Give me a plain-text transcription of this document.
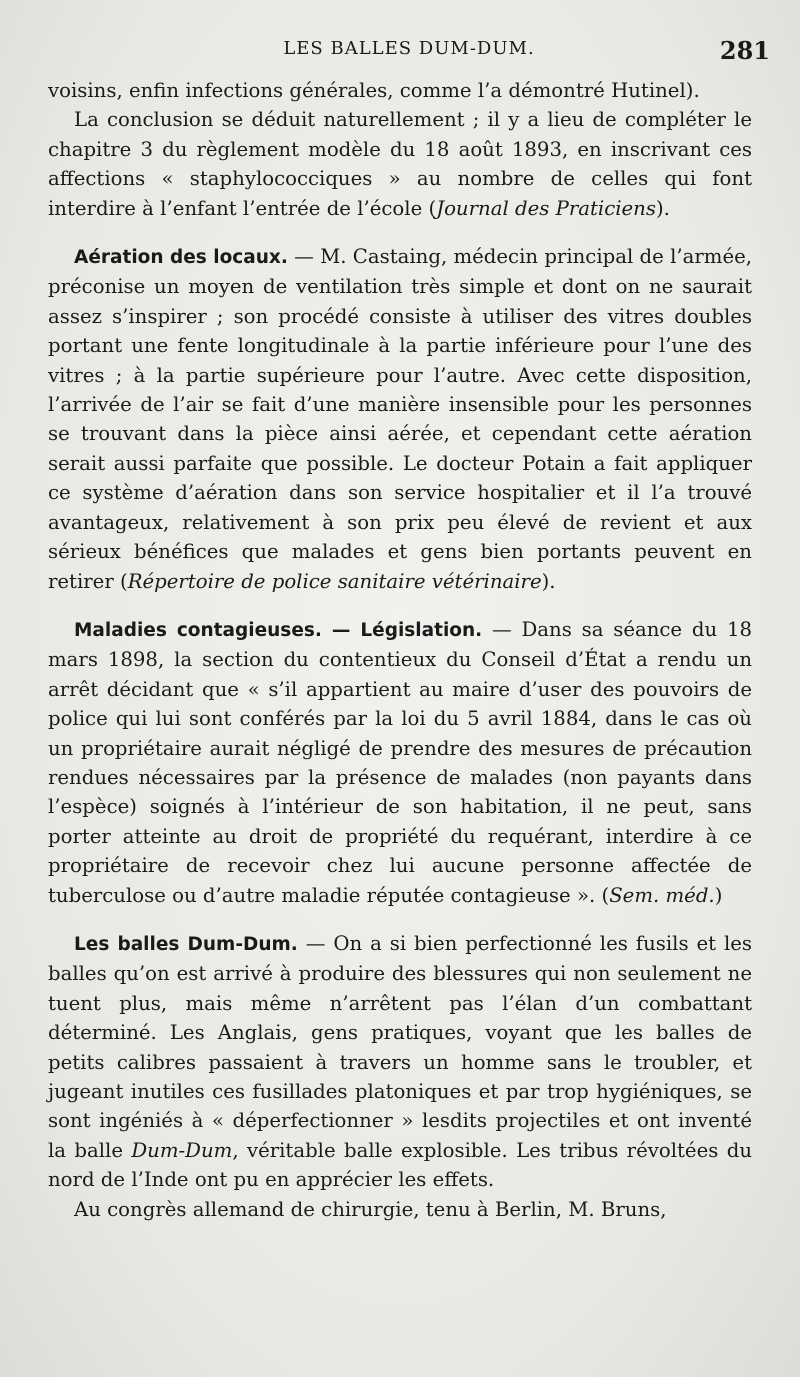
LES BALLES DUM-DUM.	281

voisins, enfin infections générales, comme l’a démontré Hutinel).

La conclusion se déduit naturellement ; il y a lieu de compléter le chapitre 3 du règlement modèle du 18 août 1893, en inscrivant ces affections « staphylococciques » au nombre de celles qui font interdire à l’enfant l’entrée de l’école (Journal des Praticiens).

Aération des locaux. — M. Castaing, médecin principal de l’armée, préconise un moyen de ventilation très simple et dont on ne saurait assez s’inspirer ; son procédé consiste à utiliser des vitres doubles portant une fente longitudinale à la partie inférieure pour l’une des vitres ; à la partie supérieure pour l’autre. Avec cette disposition, l’arrivée de l’air se fait d’une manière insensible pour les personnes se trouvant dans la pièce ainsi aérée, et cependant cette aération serait aussi parfaite que possible. Le docteur Potain a fait appliquer ce système d’aération dans son service hospitalier et il l’a trouvé avantageux, relativement à son prix peu élevé de revient et aux sérieux bénéfices que malades et gens bien portants peuvent en retirer (Répertoire de police sanitaire vétérinaire).

Maladies contagieuses. — Législation. — Dans sa séance du 18 mars 1898, la section du contentieux du Conseil d’État a rendu un arrêt décidant que « s’il appartient au maire d’user des pouvoirs de police qui lui sont conférés par la loi du 5 avril 1884, dans le cas où un propriétaire aurait négligé de prendre des mesures de précaution rendues nécessaires par la présence de malades (non payants dans l’espèce) soignés à l’intérieur de son habitation, il ne peut, sans porter atteinte au droit de propriété du requérant, interdire à ce propriétaire de recevoir chez lui aucune personne affectée de tuberculose ou d’autre maladie réputée contagieuse ». (Sem. méd.)

Les balles Dum-Dum. — On a si bien perfectionné les fusils et les balles qu’on est arrivé à produire des blessures qui non seulement ne tuent plus, mais même n’arrêtent pas l’élan d’un combattant déterminé. Les Anglais, gens pratiques, voyant que les balles de petits calibres passaient à travers un homme sans le troubler, et jugeant inutiles ces fusillades platoniques et par trop hygiéniques, se sont ingéniés à « déperfectionner » lesdits projectiles et ont inventé la balle Dum-Dum, véritable balle explosible. Les tribus révoltées du nord de l’Inde ont pu en apprécier les effets.

Au congrès allemand de chirurgie, tenu à Berlin, M. Bruns,
